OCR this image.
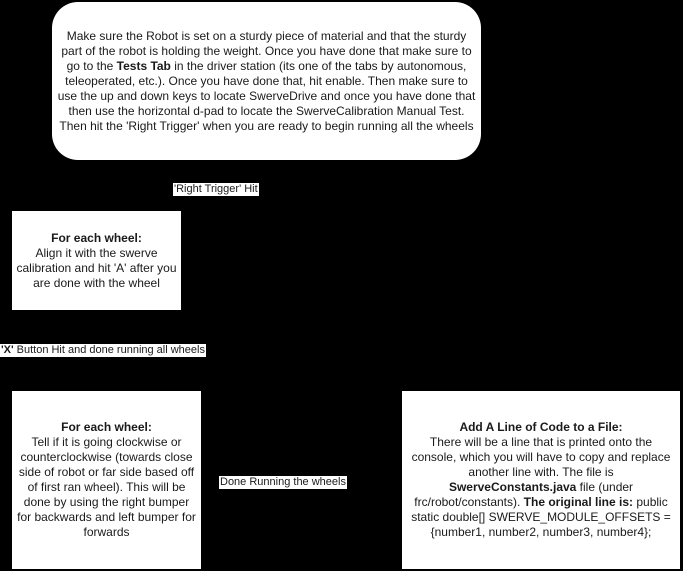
Make sure the Robot is set on a sturdy piece of material and that the sturdy part of the robot is holding the weight. Once you have done that make sure to go to the Tests Tab in the driver station (its one of the tabs by autonomous, teleoperated, etc.). Once you have done that, hit enable. Then make sure to use the up and down keys to locate SwerveDrive and once you have done that then use the horizontal d-pad to locate the SwerveCalibration Manual Test. Then hit the 'Right Trigger' when you are ready to begin running all the wheels
'Right Trigger' Hit
For each wheel:
Align it with the swerve calibration and hit 'A' after you are done with the wheel
'X' Button Hit and done running all wheels
For each wheel:
Tell if it is going clockwise or counterclockwise (towards close side of robot or far side based off of first ran wheel). This will be done by using the right bumper for backwards and left bumper for forwards
Done Running the wheels
Add A Line of Code to a File:
There will be a line that is printed onto the console, which you will have to copy and replace another line with. The file is SwerveConstants.java file (under frc/robot/constants). The original line is: public static double[] SWERVE_MODULE_OFFSETS = {number1, number2, number3, number4};
